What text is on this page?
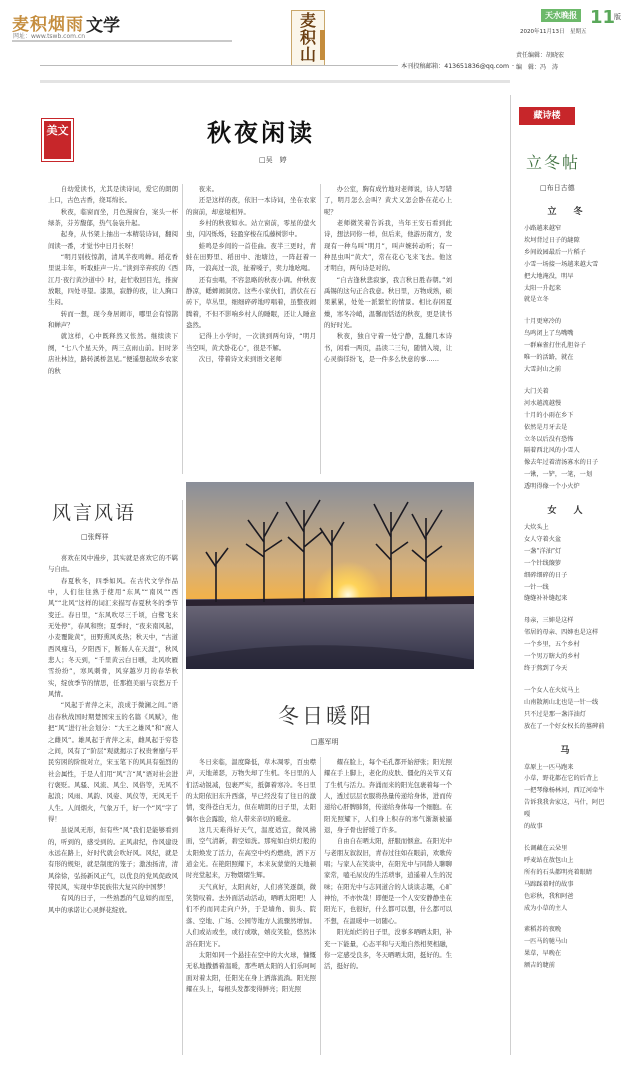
麦积烟雨 文学
网址：www.tswb.com.cn
麦积山
天水晚报 11
版
2020年11月13日　星期五
责任编辑：胡晓宏
编　辑：冯　涛
本刊投稿邮箱：413651836@qq.com
美文	秋夜闲读
□吴　婷

自幼爱读书，尤其是读诗词，爱它的朗朗上口，古色古香，绕耳绵长。

秋夜，临窗而坐，月色漫窗台，案头一杯绿茶，芬芳馥郁，热气袅袅升起。

起身，从书架上抽出一本精装诗词，翻阅间读一番，才觉书中日月长呀！

“明月别枝惊鹊，清风半夜鸣蝉。稻花香里说丰年，听取蛙声一片。”读到辛弃疾的《西江月·夜行黄沙道中》时，赶忙收回目光，推窗放眼，四处寻望。漆黑，寂静的夜，让人胸口生闷。

转而一想，现今身居闹市，哪里会有惊鹊和蝉声？

就这样，心中既释然又怅然。继续读下阕，“七八个星天外，两三点雨山前。旧时茅店社林边，路转溪桥忽见。”便遥想起故乡农家的秋

夜来。

还是这样的夜，依旧一本诗词，坐在农家的窗前，却意境相异。

乡村的秋夜如水。站立窗前，零星的萤火虫，闪闪烁烁，轻盈穿梭在瓜藤树影中。

蛙鸣是乡间的一首佳曲。夜半三更时，青蛙在田野里、稻田中、池塘边，一阵赶着一阵，一浪高过一浪，扯着嗓子，卖力地吆喝。

还有虫唱，不容忽略的秋夜小调。仲秋夜静凉，蟋蟀闹洞房。这些小家伙们，潜伏在石砖下，草丛里，细细碎碎地哼唱着，虽整夜闹腾着，不但不影响乡村人的睡眠，还让人睡意盎然。

记得上小学时，一次读到两句诗，“明月当空叫，黄犬卧花心”，很是不解。

次日，带着诗文来到语文老师

办公室，胸有成竹地对老师说，诗人写错了，明月怎么会叫？黄犬又怎会卧在花心上呢？

老师微笑着告诉我，当年王安石看到此诗，想法同你一样，但后来，他游历南方，发现有一种鸟叫“明月”，叫声婉转动听；有一种昆虫叫“黄犬”，常在花心飞来飞去。他这才明白，两句诗是对的。

“自古逢秋悲寂寥，我言秋日胜春朝。”刘禹锡的这句正合我意。秋日里，万物成熟，硕果累累，处处一派繁忙的情景。相比春困夏燥，寒冬冷峭，温馨而恬适的秋夜，更是读书的好时光。

秋夜，独自守着一处宁静，乱翻几本诗书，闲看一两页，品读二三句，随情入境，让心灵徜徉纷飞，是一件多么快意的事……

风言风语
□张辉祥

喜欢在风中漫步，其实就是喜欢它的不羁与自由。

春夏秋冬，四季如风。在古代文学作品中，人们往往熟于使用“东风”“南风”“西风”“北风”这样的词汇来描写春夏秋冬的季节变迁。春日里，“东风吹尽三千顷，白鹭飞来无处停”，春风和煦；夏季时，“夜来南风起，小麦覆陇黄”，田野熏风炙热；秋天中，“古道西风瘦马，夕阳西下，断肠人在天涯”，秋风悲人；冬天到，“千里黄云白日曛，北风吹雁雪纷纷”，寒风刺骨，风穿越岁月的春华秋实，绽放季节的情思，任那抱美丽与哀愁万千风情。

“风起于青萍之末，浪成于微澜之间。”语出春秋战国时期楚国宋玉的名篇《风赋》，他把“风”进行社会划分：“大王之雄风”和“庶人之雌风”。雄风起于青萍之末，雌风起于穷巷之间，风有了“阶层”观就揭示了权贵奢靡与平民穷困的阶级对立，宋玉笔下的风具有强烈的社会属性，于是人们用“风”言“风”语对社会进行褒贬。风骚、风流、风尘、风俗等，无风不起浪；风雨、风韵、风姿、风仪等，无风无千人生。人间烟火，气象万千，好一个“风”字了得！

虽说风无形，但有些“风”我们是能够看到的，听到的，感受到的。正风肃纪，作风建设永远在路上，好时代就会吹好风。风纪，就是有形的规矩，就是制度的笼子；激浊扬清，清风徐徐，弘扬新风正气，以优良的党风促政风带民风，实现中华民族伟大复兴的中国梦！

有风的日子，一些熟悉的气息如约而至，风中的承诺让心灵鲜花绽放。

冬日暖阳
□惠军明

冬日来临，温度降低，草木凋零，百虫噤声，天地萧瑟，万物失却了生机。冬日里的人们活动锐减，包裹严实，抵御着寒冷。冬日里的太阳依旧东升西落，早已经没有了往日的激情，变得苍白无力，但在晴朗的日子里，太阳偶尔也会露脸，给人带来亲切的暖意。

这几天难得好天气，温度适宜，微风拂面，空气清新，碧空如洗。那宛如白炽灯般的太阳焕发了活力，在高空中灼灼燃烧，洒下万道金光。在艳阳照耀下，本来灰蒙蒙的天地顿时亮堂起来，万物熠熠生辉。

天气真好，太阳真好，人们喜笑逐颜，微笑赞叹着。去外面活动活动，晒晒太阳吧！人们不约而同走向户外，于是墙角、街头、院落、空地、广场、公园等地方人流骤然增加。人们或站或坐，或行或歇，嬉皮笑脸，悠然沐浴在阳光下。

太阳如同一个悬挂在空中的大火球，慷慨无私地撒播着温暖，那些晒太阳的人们乐呵呵面对着太阳，任阳光在身上洒落流淌。阳光照耀在头上，每根头发都变得鲜亮；阳光照

耀在脸上，每个毛孔都开始舒张；阳光照耀在手上脚上，老化的皮肤、僵化的关节又有了生机与活力。奔涌而来的阳光包裹着每一个人，透过层层衣服将热量传递给身体，进而传递给心肝脾肺肾，传递给身体每一个细胞。在阳光照耀下，人们身上积存的寒气渐渐被逼退，身子骨也舒缓了许多。

自由自在晒太阳，舒服而惬意。在阳光中与老朋友叙叙旧，青春过往如在眼前，欢歌传唱；与家人在笑谈中，在阳光中与同龄人聊聊家常，嗑毛尿皮的生活琐事，逍遥着人生的况味；在阳光中与志同道合的人谈谈志趣，心旷神怡，不亦快哉！即便是一个人安安静静坐在阳光下，也很好，什么都可以想，什么都可以不想，在温暖中一切随心。

阳光灿烂的日子里，没事多晒晒太阳，补充一下能量，心态平和与天地自然相契相融，你一定感受良多，冬天晒晒太阳，挺好的。生活，挺好的。

藏诗楼
立冬帖
□布日古德
立　冬
小路越来越窄
坎坷背过日子的縫隙
乡间故园最后一片稻子
小雪一场接一场越来越大雪
把大地淹没，明早
太阳一升起来
就是立冬
十月更寒冷的
鸟鸣闭上了鸟嘴嘴
一群麻雀打住孔胆谷子
唯一的活路，就在
大雪封山之前
大门关着
河水越流越慢
十月的小雨在乡下
依然是月牙去是
立冬以后没有恐怖
隔着西北风的小雪人
像去年过着清汤寡水的日子
一锹，一铲，一笔，一划
透明得像一个小火炉
女　人
大炊头上
女人守着火盆
一盏“洋油”灯
一个针线簸箩
细碎细碎的日子
一针一线
缝缝补补缝起来
母亲，三婶是这样
邻居的母亲、四婶也是这样
一个乡里，五个乡村
一个男万瞎大的乡村
终于熬到了今天
一个女人在火炕马上
山南散割山北也是一针一线
只不过是那一盏洋油灯
放在了一个好女权长的墓碑前
马
草原上一匹马跑来
小草，野花都在它的后背上
一把琴像杨林河，西辽河牵牛
告诉我我舍家这，马什，阿巴嘎
的故事
长调藏在云朵里
呼麦站在敖包山上
所有的石头都明亮着眼睛
马蹄踩着时的故事
色彩秋，我和阿爸
成为小草的主人
素稻苏的夜晚
一匹马的驰马山
果草，早晚在
额吉的睫前
